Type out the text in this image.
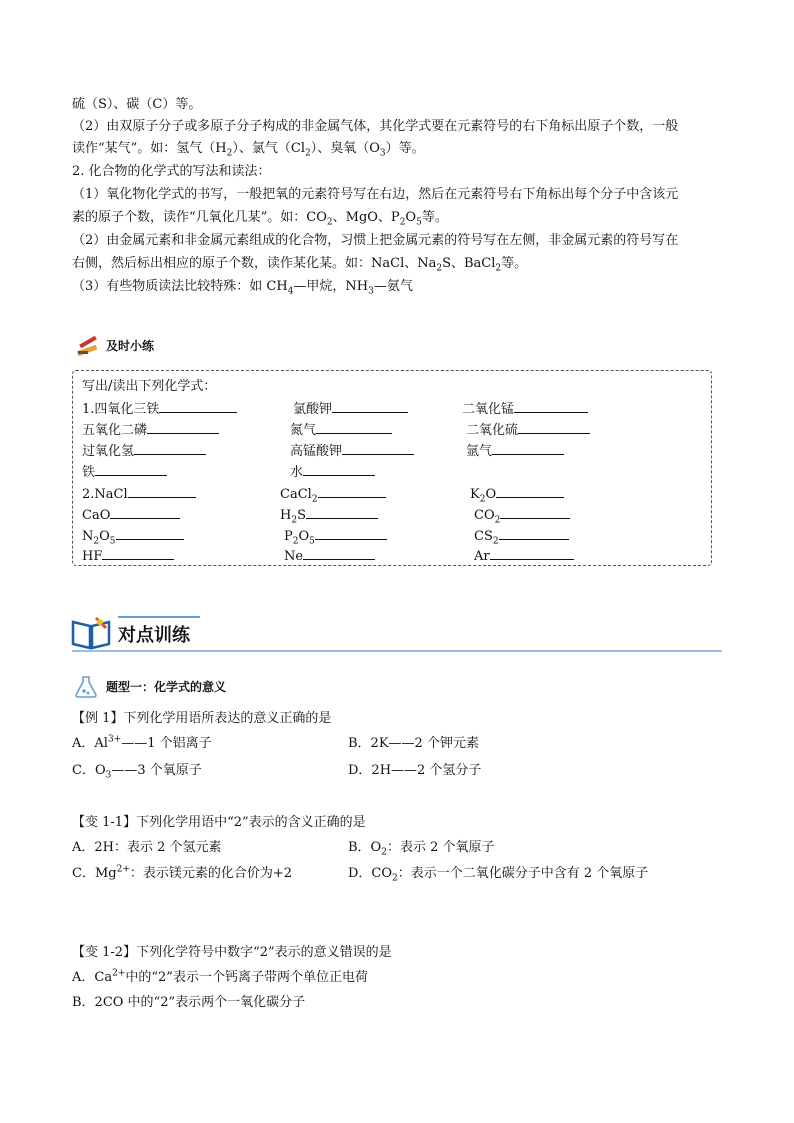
硫（S）、碳（C）等。
（2）由双原子分子或多原子分子构成的非金属气体，其化学式要在元素符号的右下角标出原子个数，一般
读作“某气”。如：氢气$(H_2)$、氯气$(Cl_2)$、臭氧$(O_3)$等。
2. 化合物的化学式的写法和读法：
（1）氧化物化学式的书写，一般把氧的元素符号写在右边，然后在元素符号右下角标出每个分子中含该元
素的原子个数，读作“几氧化几某”。如：$CO_2$、MgO、$P_2O_5$等。
（2）由金属元素和非金属元素组成的化合物，习惯上把金属元素的符号写在左侧，非金属元素的符号写在
右侧，然后标出相应的原子个数，读作某化某。如：NaCl、$Na_2S$、BaCl$_2$等。
（3）有些物质读法比较特殊：如 $CH_4—$甲烷，$NH_3—$氨气
及时小练
写出/读出下列化学式：
1.四氧化三铁	氯酸钾	二氧化锰
五氧化二磷	氮气	二氧化硫
过氧化氢	高锰酸钾	氩气
铁	水
2.NaCl	CaCl$_2$	$K_2O$
CaO	$H_2S$	$CO_2$
$N_2O_5$	$P_2O_5$	$CS_2$
HF	Ne	Ar
对点训练
题型一：化学式的意义
【例 1】下列化学用语所表达的意义正确的是
A．$Al^{3+}——1$ 个铝离子	B．2K——2 个钾元素
C．$O_3——3$ 个氧原子	D．2H——2 个氢分子
【变 1-1】下列化学用语中“2”表示的含义正确的是
A．2H：表示 2 个氢元素	B．$O_2$：表示 2 个氧原子
C．$Mg^{2+}$：表示镁元素的化合价为+2	D．$CO_2$：表示一个二氧化碳分子中含有 2 个氧原子
【变 1-2】下列化学符号中数字“2”表示的意义错误的是
A．$Ca^{2+}$中的“2”表示一个钙离子带两个单位正电荷
B．2CO 中的“2”表示两个一氧化碳分子
